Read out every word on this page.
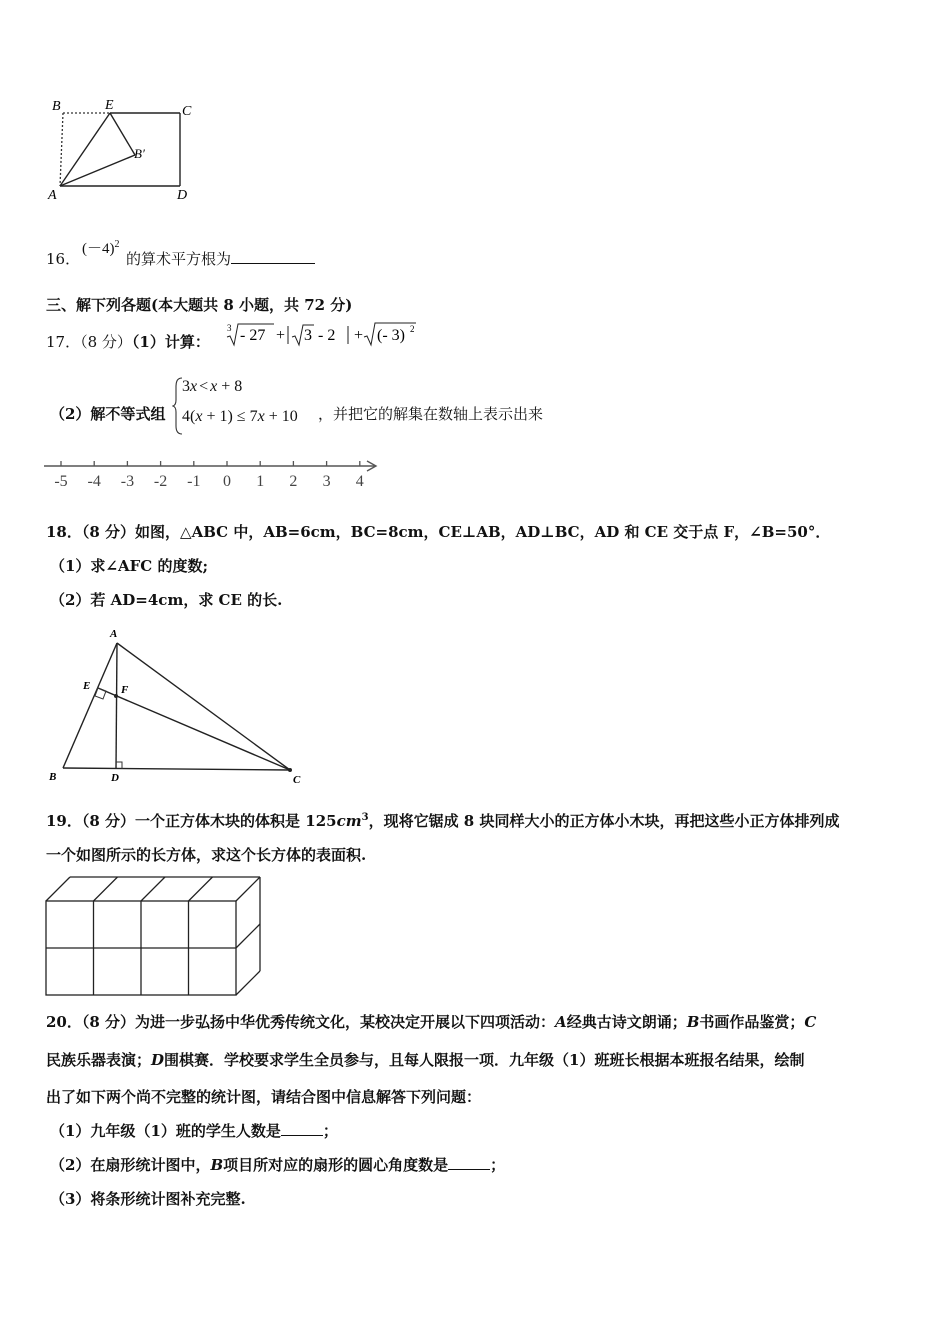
B	E	C
B′
A	D
16．
$(-4)^2$
的算术平方根为
三、解下列各题(本大题共 8 小题，共 72 分)
17．（8 分）（1）计算：
3 - 27 + 3 - 2 + (- 3) 2
（2）解不等式组
3x < x + 8
4(x + 1) ≤ 7x + 10 ，并把它的解集在数轴上表示出来
-5 -4 -3 -2 -1 0 1 2 3 4
18．（8 分）如图，△ABC 中，AB=6cm，BC=8cm，CE⊥AB，AD⊥BC，AD 和 CE 交于点 F，∠B=50°．
（1）求∠AFC 的度数;
（2）若 AD=4cm，求 CE 的长.
A
E	F
B	D	C
19．（8 分）一个正方体木块的体积是 $125cm^3$，现将它锯成 8 块同样大小的正方体小木块，再把这些小正方体排列成
一个如图所示的长方体，求这个长方体的表面积.
20．（8 分）为进一步弘扬中华优秀传统文化，某校决定开展以下四项活动：A经典古诗文朗诵；B书画作品鉴赏；C
民族乐器表演；D围棋赛．学校要求学生全员参与，且每人限报一项．九年级（1）班班长根据本班报名结果，绘制
出了如下两个尚不完整的统计图，请结合图中信息解答下列问题：
（1）九年级（1）班的学生人数是	；
（2）在扇形统计图中，B项目所对应的扇形的圆心角度数是	；
（3）将条形统计图补充完整.
